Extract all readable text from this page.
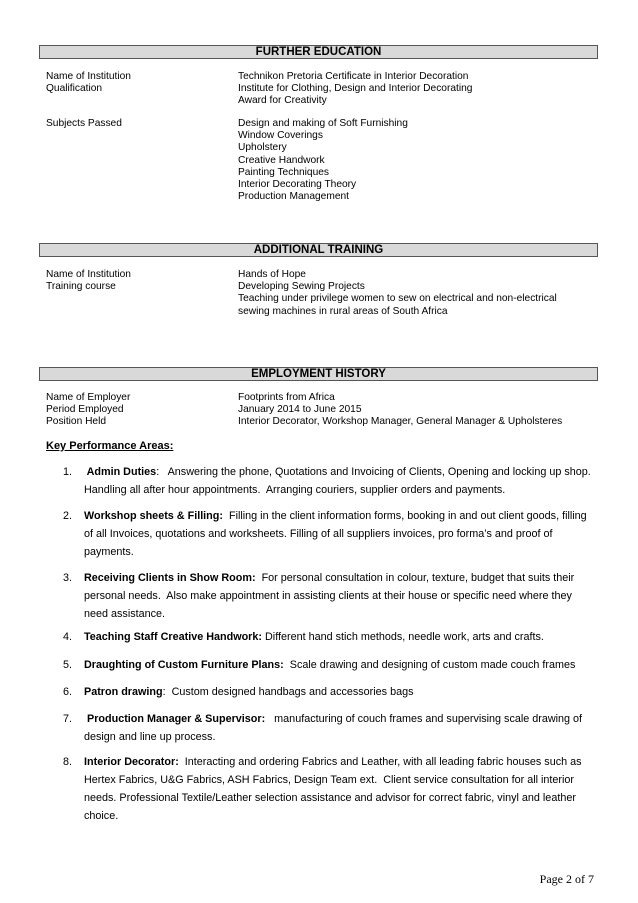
FURTHER EDUCATION
Name of Institution
Qualification
Technikon Pretoria Certificate in Interior Decoration
Institute for Clothing, Design and Interior Decorating
Award for Creativity
Subjects Passed	Design and making of Soft Furnishing
Window Coverings
Upholstery
Creative Handwork
Painting Techniques
Interior Decorating Theory
Production Management
ADDITIONAL TRAINING
Name of Institution
Training course
Hands of Hope
Developing Sewing Projects
Teaching under privilege women to sew on electrical and non-electrical
sewing machines in rural areas of South Africa
EMPLOYMENT HISTORY
Name of Employer
Period Employed
Position Held
Footprints from Africa
January 2014 to June 2015
Interior Decorator, Workshop Manager, General Manager & Upholsteres
Key Performance Areas:
1. Admin Duties:   Answering the phone, Quotations and Invoicing of Clients, Opening and locking up shop.
Handling all after hour appointments.  Arranging couriers, supplier orders and payments.
2. Workshop sheets & Filling:  Filling in the client information forms, booking in and out client goods, filling
of all Invoices, quotations and worksheets. Filling of all suppliers invoices, pro forma’s and proof of
payments.
3. Receiving Clients in Show Room:  For personal consultation in colour, texture, budget that suits their
personal needs.  Also make appointment in assisting clients at their house or specific need where they
need assistance.
4. Teaching Staff Creative Handwork: Different hand stich methods, needle work, arts and crafts.
5. Draughting of Custom Furniture Plans:  Scale drawing and designing of custom made couch frames
6. Patron drawing:  Custom designed handbags and accessories bags
7. Production Manager & Supervisor:   manufacturing of couch frames and supervising scale drawing of
design and line up process.
8. Interior Decorator:  Interacting and ordering Fabrics and Leather, with all leading fabric houses such as
Hertex Fabrics, U&G Fabrics, ASH Fabrics, Design Team ext.  Client service consultation for all interior
needs. Professional Textile/Leather selection assistance and advisor for correct fabric, vinyl and leather
choice.
Page 2 of 7
